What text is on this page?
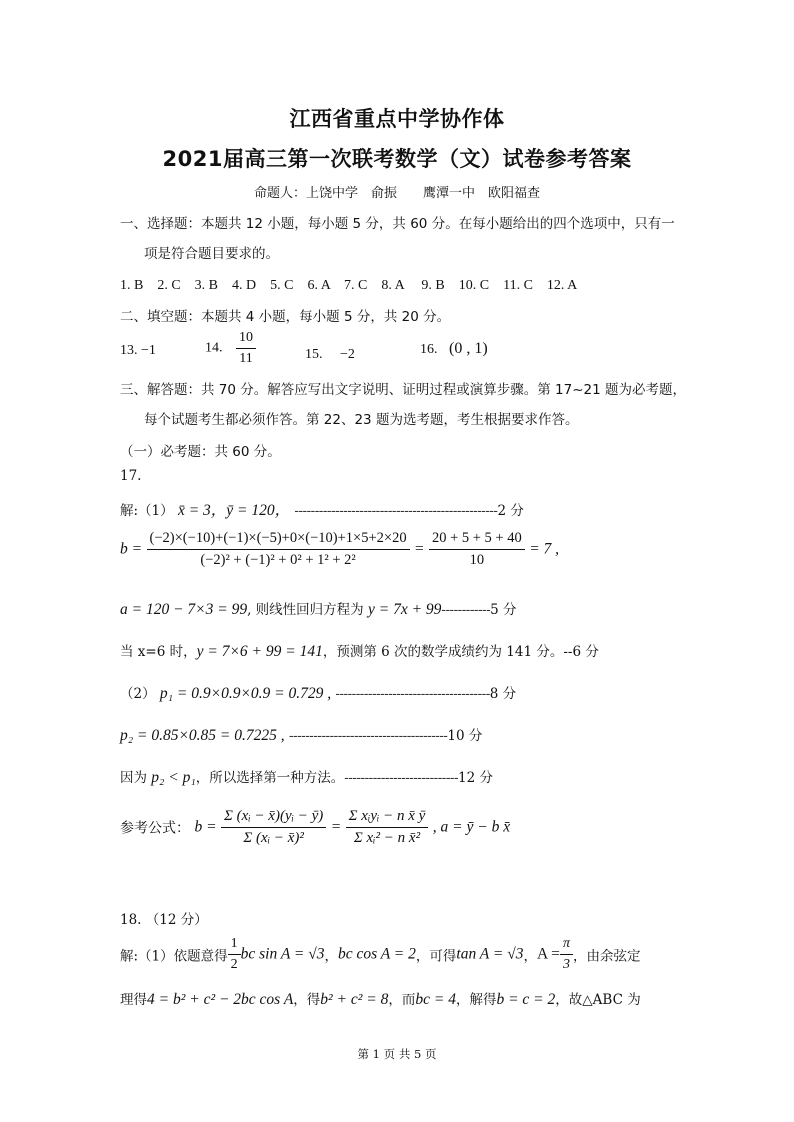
江西省重点中学协作体
2021届高三第一次联考数学（文）试卷参考答案
命题人：上饶中学　俞振　　鹰潭一中　欧阳福查
一、选择题：本题共 12 小题，每小题 5 分，共 60 分。在每小题给出的四个选项中，只有一
项是符合题目要求的。
1. B　2. C　3. B　4. D　5. C　6. A　7. C　8. A　 9. B　10. C　11. C　12. A
二、填空题：本题共 4 小题，每小题 5 分，共 20 分。
13. −1	14. $\frac{10}{11}$	15.　 −2	16. (0 , 1)
三、解答题：共 70 分。解答应写出文字说明、证明过程或演算步骤。第 17~21 题为必考题，
每个试题考生都必须作答。第 22、23 题为选考题，考生根据要求作答。
（一）必考题：共 60 分。
17.
解:（1） x̄ = 3，ȳ = 120， --------------------------------------------------2 分
$b = \frac{(-2)\times(-10)+(-1)\times(-5)+0\times(-10)+1\times 5+2\times 20}{\text{(−2)² + (−1)² + 0² + 1² + 2²}} = \frac{20 + 5 + 5 + 40}{10} = 7$ ,
a = 120 − 7×3 = 99, 则线性回归方程为 y = 7x + 99------------5 分
当 x=6 时，y = 7×6 + 99 = 141，预测第 6 次的数学成绩约为 141 分。--6 分
（2） p₁ = 0.9×0.9×0.9 = 0.729 , --------------------------------------8 分
p₂ = 0.85×0.85 = 0.7225 , ---------------------------------------10 分
因为 p₂ < p₁，所以选择第一种方法。----------------------------12 分
参考公式： $b = \frac{\text{Σ (xᵢ − x̄)(yᵢ − ȳ)}}{\text{Σ (xᵢ − x̄)²}} = \frac{\text{Σ xᵢyᵢ − n x̄ ȳ}}{\text{Σ xᵢ² − n x̄²}}$ , a = ȳ − b x̄
18. （12 分）
解:（1）依题意得 $\frac{1}{2}$ bc sin A = √3，bc cos A = 2，可得tan A = √3，$A = \frac{\pi}{3}$ ，由余弦定
理得4 = b² + c² − 2bc cos A，得b² + c² = 8，而bc = 4，解得b = c = 2，故△ABC 为
第 1 页 共 5 页
